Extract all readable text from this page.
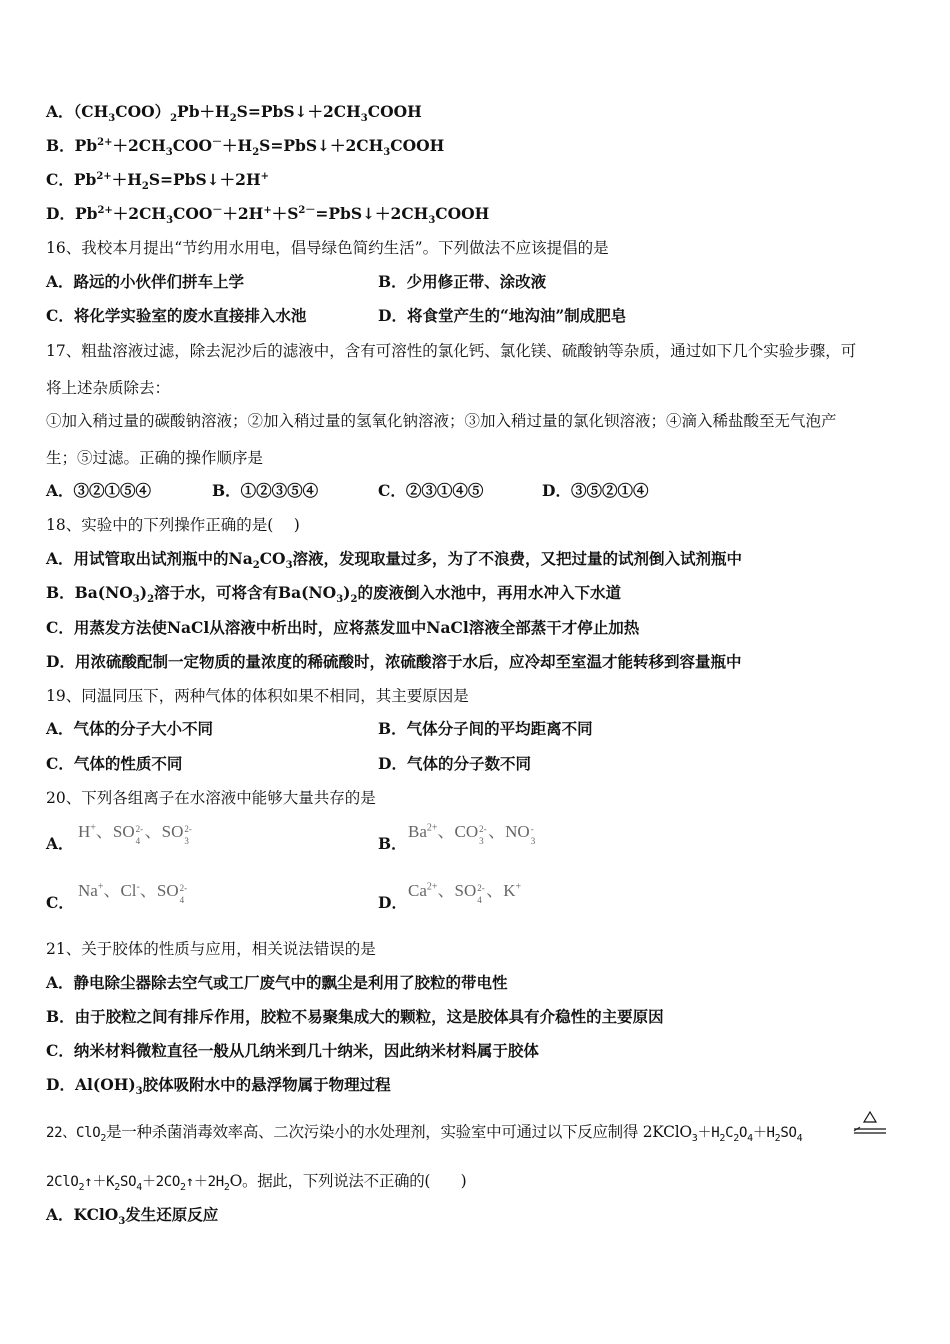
A．$(CH_3COO)_2Pb+H_2S=PbS↓+2CH_3COOH$
B．$Pb^{2+}+2CH_3COO^-+H_2S=PbS↓+2CH_3COOH$
C．$Pb^{2+}+H_2S=PbS↓+2H^+$
D．$Pb^{2+}+2CH_3COO^-+2H^++S^{2-}=PbS↓+2CH_3COOH$
16、我校本月提出“节约用水用电，倡导绿色简约生活”。下列做法不应该提倡的是
A．路远的小伙伴们拼车上学	B．少用修正带、涂改液
C．将化学实验室的废水直接排入水池	D．将食堂产生的“地沟油”制成肥皂
17、粗盐溶液过滤，除去泥沙后的滤液中，含有可溶性的氯化钙、氯化镁、硫酸钠等杂质，通过如下几个实验步骤，可
将上述杂质除去：
①加入稍过量的碳酸钠溶液；②加入稍过量的氢氧化钠溶液；③加入稍过量的氯化钡溶液；④滴入稀盐酸至无气泡产
生；⑤过滤。正确的操作顺序是
A．③②①⑤④	B．①②③⑤④	C．②③①④⑤	D．③⑤②①④
18、实验中的下列操作正确的是(　 )
A．用试管取出试剂瓶中的$Na_2CO_3$溶液，发现取量过多，为了不浪费，又把过量的试剂倒入试剂瓶中
B．$Ba(NO_3)_2$溶于水，可将含有$Ba(NO_3)_2$的废液倒入水池中，再用水冲入下水道
C．用蒸发方法使NaCl从溶液中析出时，应将蒸发皿中NaCl溶液全部蒸干才停止加热
D．用浓硫酸配制一定物质的量浓度的稀硫酸时，浓硫酸溶于水后，应冷却至室温才能转移到容量瓶中
19、同温同压下，两种气体的体积如果不相同，其主要原因是
A．气体的分子大小不同	B．气体分子间的平均距离不同
C．气体的性质不同	D．气体的分子数不同
20、下列各组离子在水溶液中能够大量共存的是
A．
H+、SO 2-
4 、SO 2-
3	B．
$Ba^{2+}$、CO 2-
3 、NO -
3
C．
Na+、Cl-、SO 2-
4	D．
$Ca^{2+}$、SO 2-
4 、K+
21、关于胶体的性质与应用，相关说法错误的是
A．静电除尘器除去空气或工厂废气中的飘尘是利用了胶粒的带电性
B．由于胶粒之间有排斥作用，胶粒不易聚集成大的颗粒，这是胶体具有介稳性的主要原因
C．纳米材料微粒直径一般从几纳米到几十纳米，因此纳米材料属于胶体
D．$Al(OH)_3$胶体吸附水中的悬浮物属于物理过程
22、ClO$_2$是一种杀菌消毒效率高、二次污染小的水处理剂，实验室中可通过以下反应制得 $2KClO_3+H_2C_2O_4+H_2SO_4$
$2ClO_2↑+K_2SO_4+2CO_2↑+2H_2O$。据此，下列说法不正确的(　　)
A．KClO$_3$发生还原反应
